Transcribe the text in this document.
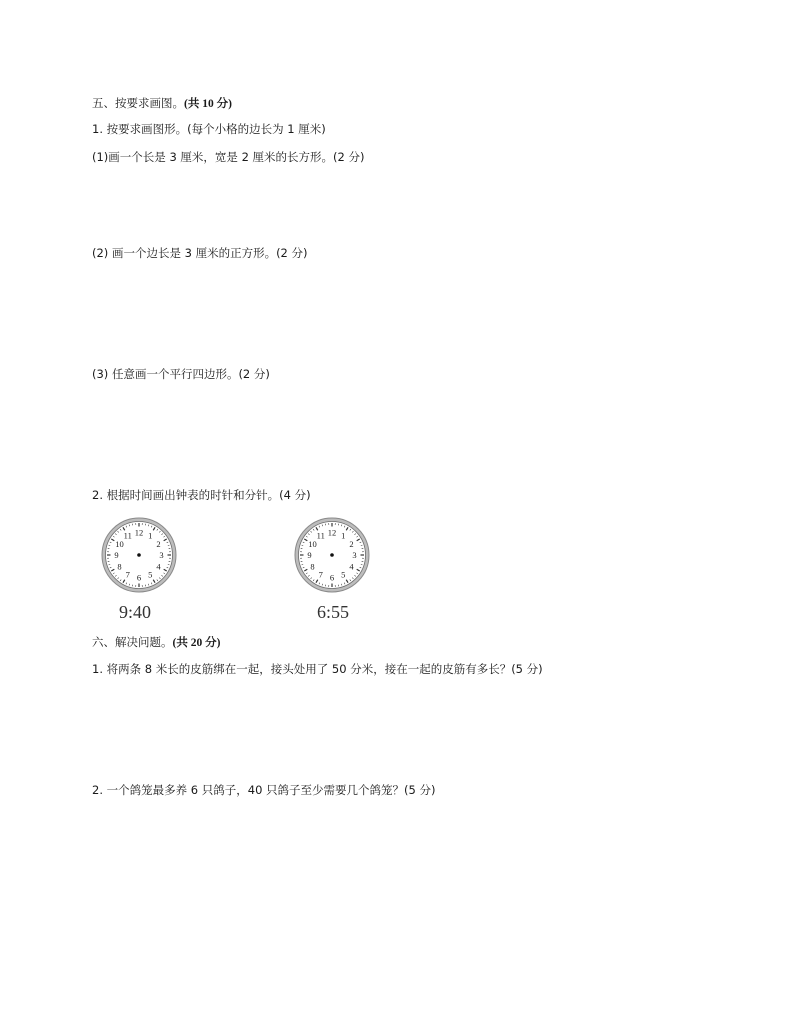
五、按要求画图。(共 10 分)
1. 按要求画图形。(每个小格的边长为 1 厘米)
(1)画一个长是 3 厘米，宽是 2 厘米的长方形。(2 分)
(2) 画一个边长是 3 厘米的正方形。(2 分)
(3) 任意画一个平行四边形。(2 分)
2. 根据时间画出钟表的时针和分针。(4 分)
12 1
2
3
4
5
6
7
8
9
10
11
9:40
12 1
2
3
4
5
6
7
8
9
10
11
6:55
六、解决问题。(共 20 分)
1. 将两条 8 米长的皮筋绑在一起，接头处用了 50 分米，接在一起的皮筋有多长？(5 分)
2. 一个鸽笼最多养 6 只鸽子，40 只鸽子至少需要几个鸽笼？(5 分)
